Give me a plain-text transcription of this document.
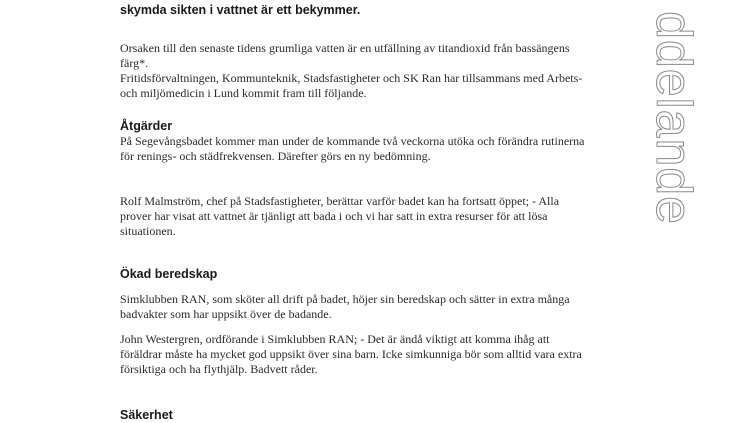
skymda sikten i vattnet är ett bekymmer.

Orsaken till den senaste tidens grumliga vatten är en utfällning av titandioxid från bassängens färg*.

Fritidsförvaltningen, Kommunteknik, Stadsfastigheter och SK Ran har tillsammans med Arbets- och miljömedicin i Lund kommit fram till följande.

Åtgärder

På Segevångsbadet kommer man under de kommande två veckorna utöka och förändra rutinerna för renings- och städfrekvensen. Därefter görs en ny bedömning.

Rolf Malmström, chef på Stadsfastigheter, berättar varför badet kan ha fortsatt öppet; - Alla prover har visat att vattnet är tjänligt att bada i och vi har satt in extra resurser för att lösa situationen.

Ökad beredskap

Simklubben RAN, som sköter all drift på badet, höjer sin beredskap och sätter in extra många badvakter som har uppsikt över de badande.

John Westergren, ordförande i Simklubben RAN; - Det är ändå viktigt att komma ihåg att föräldrar måste ha mycket god uppsikt över sina barn. Icke simkunniga bör som alltid vara extra försiktiga och ha flythjälp. Badvett råder.

Säkerhet
ddelande
